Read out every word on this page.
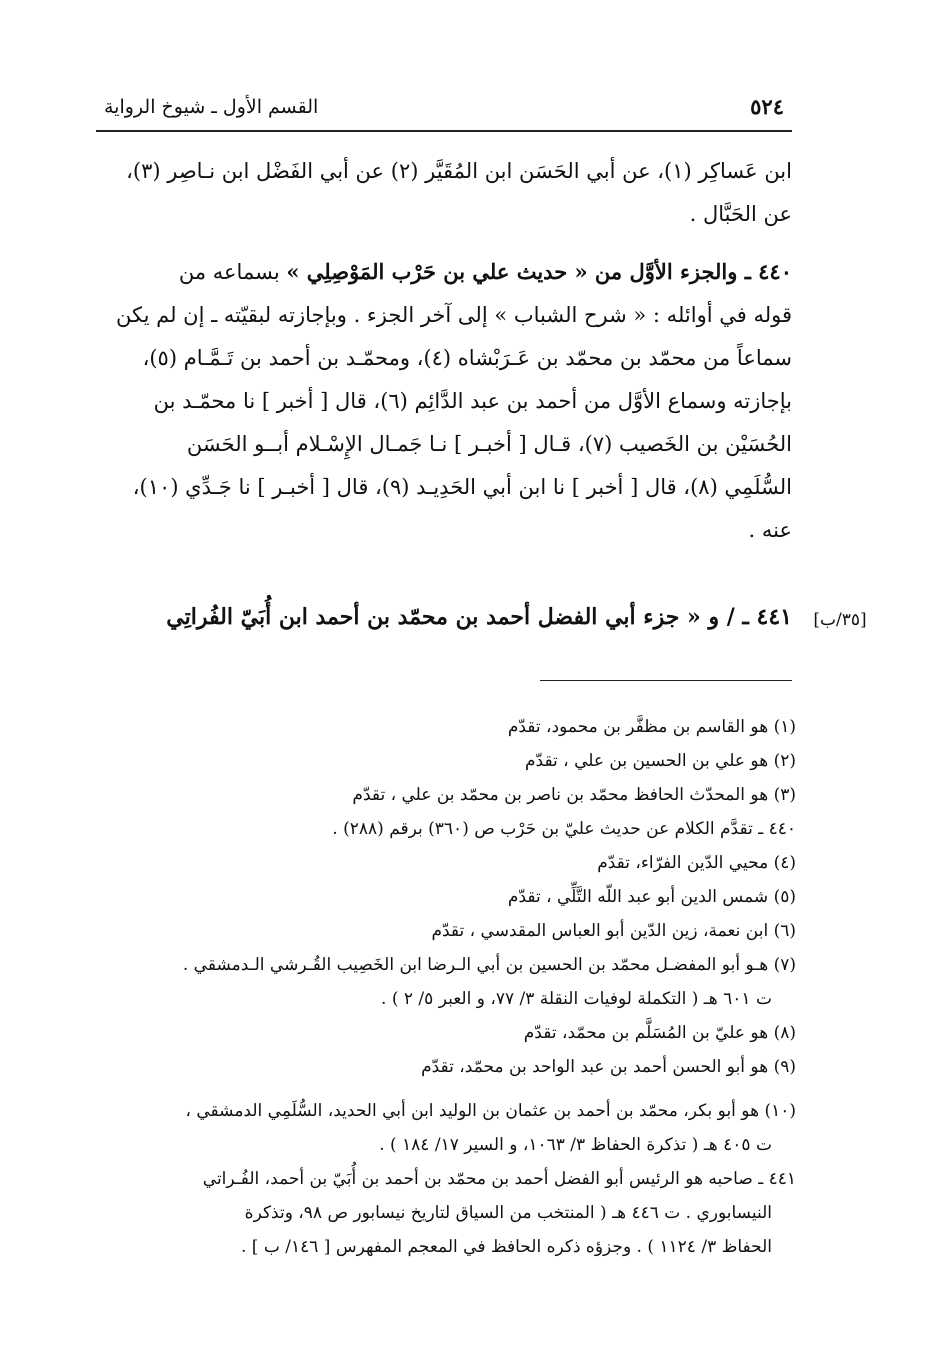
٥٢٤
القسم الأول ـ شيوخ الرواية

ابن عَساكِر (١)، عن أبي الحَسَن ابن المُقَيَّر (٢) عن أبي الفَضْل ابن نـاصِر (٣)،

عن الحَبَّال .

٤٤٠ ـ والجزء الأوَّل من « حديث علي بن حَرْب المَوْصِلِي » بسماعه من

قوله في أوائله : « شرح الشباب » إلى آخر الجزء . وبإجازته لبقيّته ـ إن لم يكن

سماعاً من محمّد بن محمّد بن عَـرَبْشاه (٤)، ومحمّـد بن أحمد بن تَـمَّـام (٥)،

بإجازته وسماع الأوَّل من أحمد بن عبد الدَّائِم (٦)، قال [ أخبر ] نا محمّـد بن

الحُسَيْن بن الخَصيب (٧)، قـال [ أخبـر ] نـا جَمـال الإِسْـلام أبــو الحَسَن

السُّلَمِي (٨)، قال [ أخبر ] نا ابن أبي الحَدِيـد (٩)، قال [ أخبـر ] نا جَـدِّي (١٠)،

عنه .

٤٤١ ـ / و « جزء أبي الفضل أحمد بن محمّد بن أحمد ابن أُبَيّ الفُراتِي	[٣٥/ب]

(١) هو القاسم بن مظفَّر بن محمود، تقدّم

(٢) هو علي بن الحسين بن علي ، تقدّم

(٣) هو المحدّث الحافظ محمّد بن ناصر بن محمّد بن علي ، تقدّم

٤٤٠ ـ تقدَّم الكلام عن حديث عليّ بن حَرْب ص (٣٦٠) برقم (٢٨٨) .

(٤) محيي الدّين الفرّاء، تقدّم

(٥) شمس الدين أبو عبد اللّه التَّلِّي ، تقدّم

(٦) ابن نعمة، زين الدّين أبو العباس المقدسي ، تقدّم

(٧) هـو أبو المفضـل محمّد بن الحسين بن أبي الـرضا ابن الخَصِيب القُـرشي الـدمشقي .

ت ٦٠١ هـ ( التكملة لوفيات النقلة ٣/ ٧٧، و العبر ٥/ ٢ ) .

(٨) هو عليّ بن المُسَلَّم بن محمّد، تقدّم

(٩) هو أبو الحسن أحمد بن عبد الواحد بن محمّد، تقدّم

(١٠) هو أبو بكر، محمّد بن أحمد بن عثمان بن الوليد ابن أبي الحديد، السُّلَمِي الدمشقي ،

ت ٤٠٥ هـ ( تذكرة الحفاظ ٣/ ١٠٦٣، و السير ١٧/ ١٨٤ ) .

٤٤١ ـ صاحبه هو الرئيس أبو الفضل أحمد بن محمّد بن أحمد بن أُبَيّ بن أحمد، الفُـراتي

النيسابوري . ت ٤٤٦ هـ ( المنتخب من السياق لتاريخ نيسابور ص ٩٨، وتذكرة

الحفاظ ٣/ ١١٢٤ ) . وجزؤه ذكره الحافظ في المعجم المفهرس [ ١٤٦/ ب ] .
